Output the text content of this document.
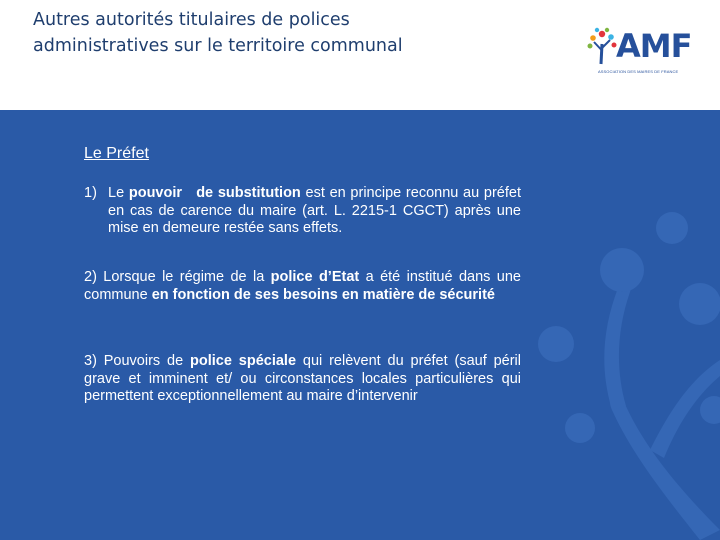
Autres autorités titulaires de polices administratives sur le territoire communal	AMF
ASSOCIATION DES MAIRES DE FRANCE
Le Préfet
1) Le pouvoir   de substitution est en principe reconnu au préfet en cas de carence du maire (art. L. 2215-1 CGCT) après une mise en demeure restée sans effets.
2) Lorsque le régime de la police d’Etat a été institué dans une commune en fonction de ses besoins en matière de sécurité
3) Pouvoirs de police spéciale qui relèvent du préfet (sauf péril grave et imminent et/ ou circonstances locales particulières qui permettent exceptionnellement au maire d’intervenir
